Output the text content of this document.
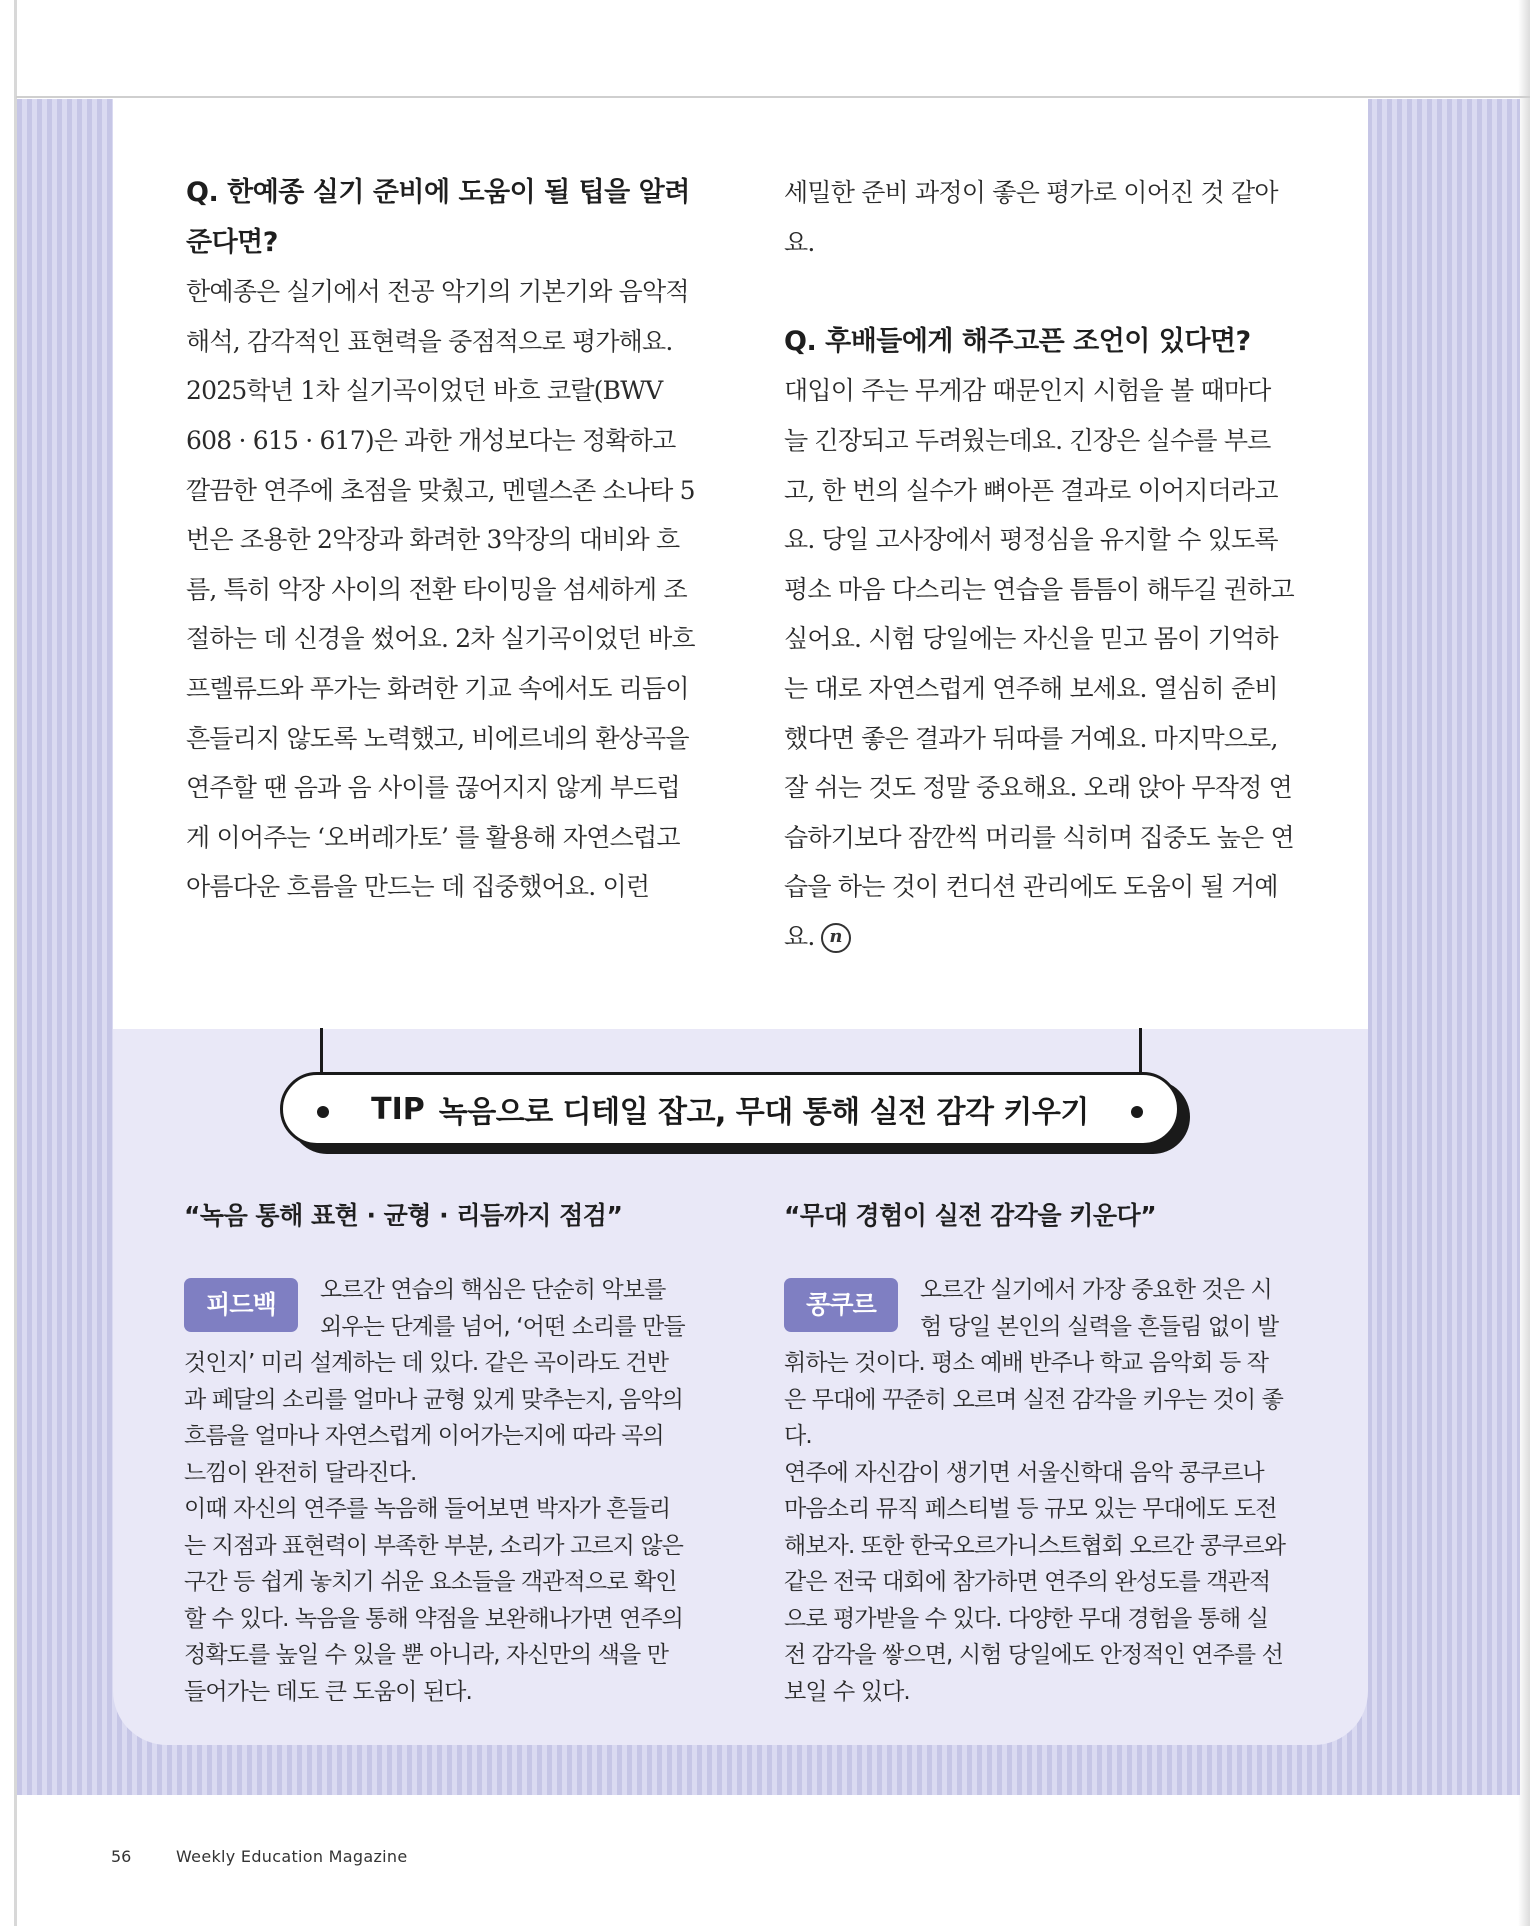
Q. 한예종 실기 준비에 도움이 될 팁을 알려준다면?

한예종은 실기에서 전공 악기의 기본기와 음악적 해석, 감각적인 표현력을 중점적으로 평가해요. 2025학년 1차 실기곡이었던 바흐 코랄(BWV 608 · 615 · 617)은 과한 개성보다는 정확하고 깔끔한 연주에 초점을 맞췄고, 멘델스존 소나타 5번은 조용한 2악장과 화려한 3악장의 대비와 흐름, 특히 악장 사이의 전환 타이밍을 섬세하게 조절하는 데 신경을 썼어요. 2차 실기곡이었던 바흐 프렐류드와 푸가는 화려한 기교 속에서도 리듬이 흔들리지 않도록 노력했고, 비에르네의 환상곡을 연주할 땐 음과 음 사이를 끊어지지 않게 부드럽게 이어주는 ‘오버레가토’ 를 활용해 자연스럽고 아름다운 흐름을 만드는 데 집중했어요. 이런

세밀한 준비 과정이 좋은 평가로 이어진 것 같아요.

Q. 후배들에게 해주고픈 조언이 있다면?

대입이 주는 무게감 때문인지 시험을 볼 때마다 늘 긴장되고 두려웠는데요. 긴장은 실수를 부르고, 한 번의 실수가 뼈아픈 결과로 이어지더라고요. 당일 고사장에서 평정심을 유지할 수 있도록 평소 마음 다스리는 연습을 틈틈이 해두길 권하고 싶어요. 시험 당일에는 자신을 믿고 몸이 기억하는 대로 자연스럽게 연주해 보세요. 열심히 준비했다면 좋은 결과가 뒤따를 거예요. 마지막으로, 잘 쉬는 것도 정말 중요해요. 오래 앉아 무작정 연습하기보다 잠깐씩 머리를 식히며 집중도 높은 연습을 하는 것이 컨디션 관리에도 도움이 될 거예요. n

TIP 녹음으로 디테일 잡고, 무대 통해 실전 감각 키우기

“녹음 통해 표현 · 균형 · 리듬까지 점검”

피드백	오르간 연습의 핵심은 단순히 악보를 외우는 단계를 넘어, ‘어떤 소리를 만들 것인지’ 미리 설계하는 데 있다. 같은 곡이라도 건반과 페달의 소리를 얼마나 균형 있게 맞추는지, 음악의 흐름을 얼마나 자연스럽게 이어가는지에 따라 곡의 느낌이 완전히 달라진다.

이때 자신의 연주를 녹음해 들어보면 박자가 흔들리는 지점과 표현력이 부족한 부분, 소리가 고르지 않은 구간 등 쉽게 놓치기 쉬운 요소들을 객관적으로 확인할 수 있다. 녹음을 통해 약점을 보완해나가면 연주의 정확도를 높일 수 있을 뿐 아니라, 자신만의 색을 만들어가는 데도 큰 도움이 된다.

“무대 경험이 실전 감각을 키운다”

콩쿠르	오르간 실기에서 가장 중요한 것은 시험 당일 본인의 실력을 흔들림 없이 발휘하는 것이다. 평소 예배 반주나 학교 음악회 등 작은 무대에 꾸준히 오르며 실전 감각을 키우는 것이 좋다.

연주에 자신감이 생기면 서울신학대 음악 콩쿠르나 마음소리 뮤직 페스티벌 등 규모 있는 무대에도 도전해보자. 또한 한국오르가니스트협회 오르간 콩쿠르와 같은 전국 대회에 참가하면 연주의 완성도를 객관적으로 평가받을 수 있다. 다양한 무대 경험을 통해 실전 감각을 쌓으면, 시험 당일에도 안정적인 연주를 선보일 수 있다.

56	Weekly Education Magazine
